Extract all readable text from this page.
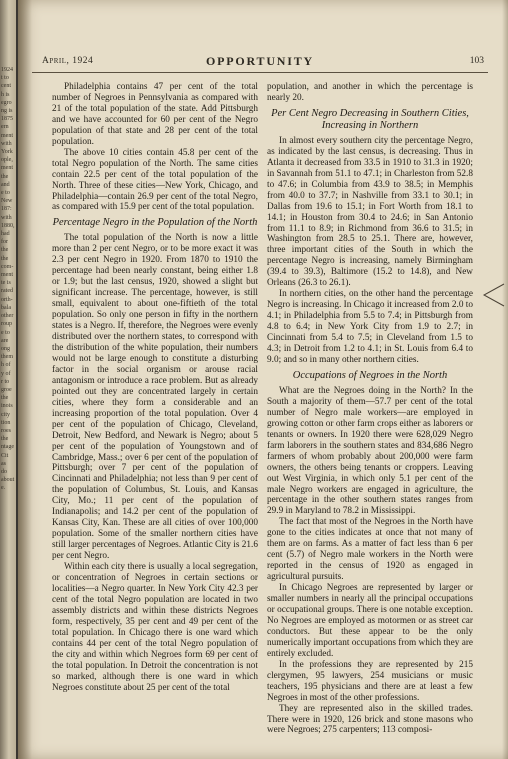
1924
t to
cent
h is
egro
ng is
1875
ern
ment
with
York
ople,
ment
the
and
e to
New
187:
with
1880,
had
for
the
the
com-
ment
te is
rated
orth-
bala
other
roup
e to
are
ong
them
h of
y of
r to
groe
the
inois
city
tion
roes
the
ntage
Cit
as
do
about
e.
April, 1924	OPPORTUNITY	103

Philadelphia contains 47 per cent of the total number of Negroes in Pennsylvania as compared with 21 of the total population of the state. Add Pittsburgh and we have accounted for 60 per cent of the Negro population of that state and 28 per cent of the total population.

The above 10 cities contain 45.8 per cent of the total Negro population of the North. The same cities contain 22.5 per cent of the total population of the North. Three of these cities—New York, Chicago, and Philadelphia—contain 26.9 per cent of the total Negro, as compared with 15.9 per cent of the total population.

Percentage Negro in the Population of the North

The total population of the North is now a little more than 2 per cent Negro, or to be more exact it was 2.3 per cent Negro in 1920. From 1870 to 1910 the percentage had been nearly constant, being either 1.8 or 1.9; but the last census, 1920, showed a slight but significant increase. The percentage, however, is still small, equivalent to about one-fiftieth of the total population. So only one person in fifty in the northern states is a Negro. If, therefore, the Negroes were evenly distributed over the northern states, to correspond with the distribution of the white population, their numbers would not be large enough to constitute a disturbing factor in the social organism or arouse racial antagonism or introduce a race problem. But as already pointed out they are concentrated largely in certain cities, where they form a considerable and an increasing proportion of the total population. Over 4 per cent of the population of Chicago, Cleveland, Detroit, New Bedford, and Newark is Negro; about 5 per cent of the population of Youngstown and of Cambridge, Mass.; over 6 per cent of the population of Pittsburgh; over 7 per cent of the population of Cincinnati and Philadelphia; not less than 9 per cent of the population of Columbus, St. Louis, and Kansas City, Mo.; 11 per cent of the population of Indianapolis; and 14.2 per cent of the population of Kansas City, Kan. These are all cities of over 100,000 population. Some of the smaller northern cities have still larger percentages of Negroes. Atlantic City is 21.6 per cent Negro.

Within each city there is usually a local segregation, or concentration of Negroes in certain sections or localities—a Negro quarter. In New York City 42.3 per cent of the total Negro population are located in two assembly districts and within these districts Negroes form, respectively, 35 per cent and 49 per cent of the total population. In Chicago there is one ward which contains 44 per cent of the total Negro population of the city and within which Negroes form 69 per cent of the total population. In Detroit the concentration is not so marked, although there is one ward in which Negroes constitute about 25 per cent of the total

population, and another in which the percentage is nearly 20.

Per Cent Negro Decreasing in Southern Cities, Increasing in Northern

In almost every southern city the percentage Negro, as indicated by the last census, is decreasing. Thus in Atlanta it decreased from 33.5 in 1910 to 31.3 in 1920; in Savannah from 51.1 to 47.1; in Charleston from 52.8 to 47.6; in Columbia from 43.9 to 38.5; in Memphis from 40.0 to 37.7; in Nashville from 33.1 to 30.1; in Dallas from 19.6 to 15.1; in Fort Worth from 18.1 to 14.1; in Houston from 30.4 to 24.6; in San Antonio from 11.1 to 8.9; in Richmond from 36.6 to 31.5; in Washington from 28.5 to 25.1. There are, however, three important cities of the South in which the percentage Negro is increasing, namely Birmingham (39.4 to 39.3), Baltimore (15.2 to 14.8), and New Orleans (26.3 to 26.1).

In northern cities, on the other hand the percentage Negro is increasing. In Chicago it increased from 2.0 to 4.1; in Philadelphia from 5.5 to 7.4; in Pittsburgh from 4.8 to 6.4; in New York City from 1.9 to 2.7; in Cincinnati from 5.4 to 7.5; in Cleveland from 1.5 to 4.3; in Detroit from 1.2 to 4.1; in St. Louis from 6.4 to 9.0; and so in many other northern cities.

Occupations of Negroes in the North

What are the Negroes doing in the North? In the South a majority of them—57.7 per cent of the total number of Negro male workers—are employed in growing cotton or other farm crops either as laborers or tenants or owners. In 1920 there were 628,029 Negro farm laborers in the southern states and 834,686 Negro farmers of whom probably about 200,000 were farm owners, the others being tenants or croppers. Leaving out West Virginia, in which only 5.1 per cent of the male Negro workers are engaged in agriculture, the percentage in the other southern states ranges from 29.9 in Maryland to 78.2 in Mississippi.

The fact that most of the Negroes in the North have gone to the cities indicates at once that not many of them are on farms. As a matter of fact less than 6 per cent (5.7) of Negro male workers in the North were reported in the census of 1920 as engaged in agricultural pursuits.

In Chicago Negroes are represented by larger or smaller numbers in nearly all the principal occupations or occupational groups. There is one notable exception. No Negroes are employed as motormen or as street car conductors. But these appear to be the only numerically important occupations from which they are entirely excluded.

In the professions they are represented by 215 clergymen, 95 lawyers, 254 musicians or music teachers, 195 physicians and there are at least a few Negroes in most of the other professions.

They are represented also in the skilled trades. There were in 1920, 126 brick and stone masons who were Negroes; 275 carpenters; 113 composi-
